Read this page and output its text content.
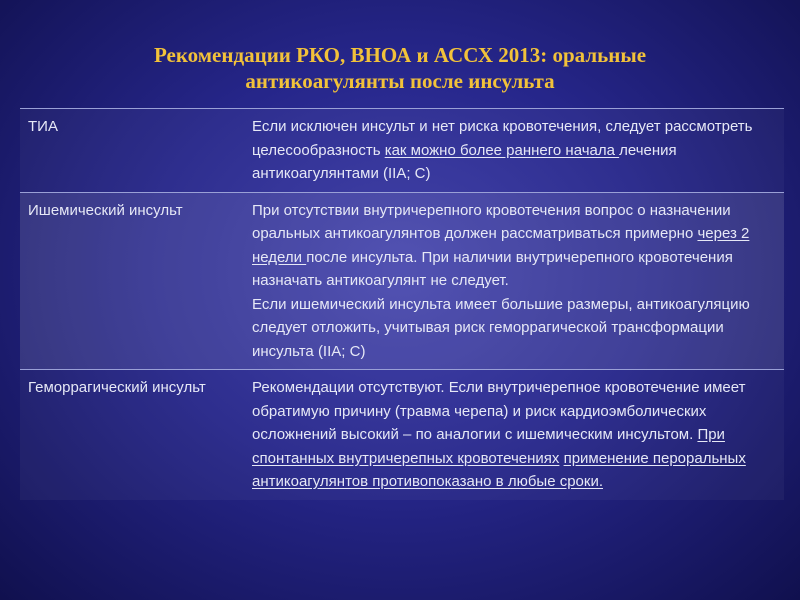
Рекомендации РКО, ВНОА и АССХ 2013: оральные
антикоагулянты после инсульта
ТИА	Если исключен инсульт и нет риска кровотечения, следует рассмотреть целесообразность как можно более раннего начала лечения антикоагулянтами (IIA; C)
Ишемический инсульт	При отсутствии внутричерепного кровотечения вопрос о назначении оральных антикоагулянтов должен рассматриваться примерно через 2 недели после инсульта. При наличии внутричерепного кровотечения назначать антикоагулянт не следует.
Если ишемический инсульта имеет большие размеры, антикоагуляцию следует отложить, учитывая риск геморрагической трансформации инсульта (IIA; C)

Геморрагический инсульт	Рекомендации отсутствуют. Если внутричерепное кровотечение имеет обратимую причину (травма черепа) и риск кардиоэмболических осложнений высокий – по аналогии с ишемическим инсультом. При спонтанных внутричерепных кровотечениях применение пероральных антикоагулянтов противопоказано в любые сроки.
